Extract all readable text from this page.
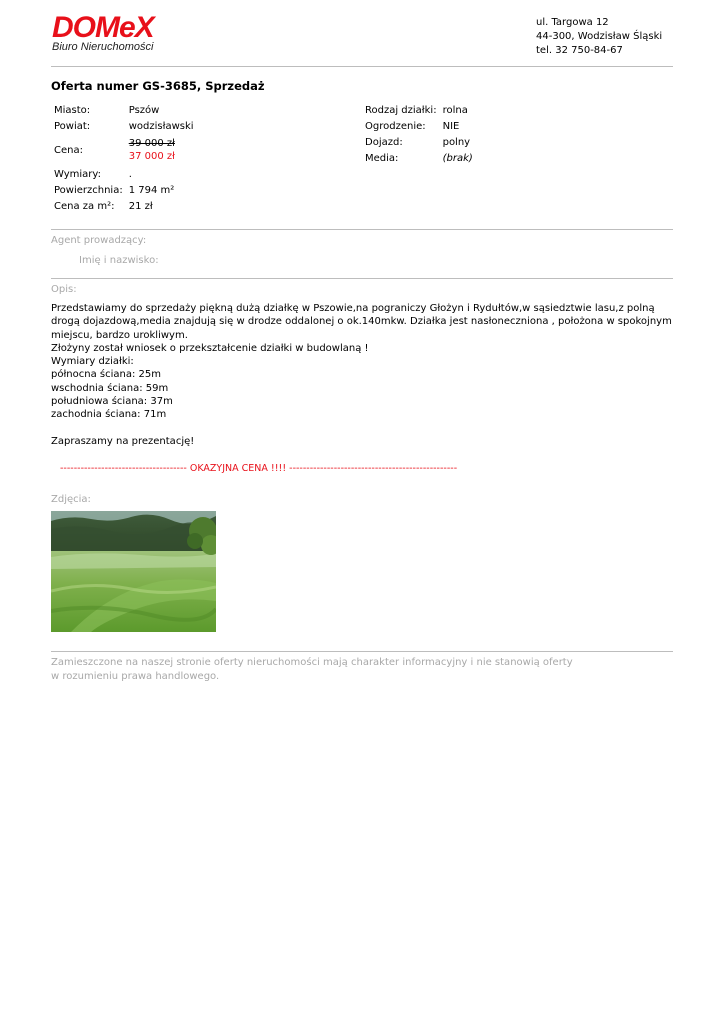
DOMeX
Biuro Nieruchomości
ul. Targowa 12
44-300, Wodzisław Śląski
tel. 32 750-84-67
Oferta numer GS-3685, Sprzedaż
Miasto:	Pszów
Powiat:	wodzisławski
Cena:	39 000 zł
37 000 zł

Wymiary:	.
Powierzchnia:	1 794 m²
Cena za m²:	21 zł
Rodzaj działki:	rolna
Ogrodzenie:	NIE
Dojazd:	polny
Media:	(brak)
Agent prowadzący:
Imię i nazwisko:
Opis:

Przedstawiamy do sprzedaży piękną dużą działkę w Pszowie,na pograniczy Głożyn i Rydułtów,w sąsiedztwie lasu,z polną drogą dojazdową,media znajdują się w drodze oddalonej o ok.140mkw. Działka jest nasłoneczniona , położona w spokojnym miejscu, bardzo urokliwym.

Złożyny został wniosek o przekształcenie działki w budowlaną !

Wymiary działki:

północna ściana: 25m

wschodnia ściana: 59m

południowa ściana: 37m

zachodnia ściana: 71m

Zapraszamy na prezentację!

------------------------------------- OKAZYJNA CENA !!!! -------------------------------------------------
Zdjęcia:
Zamieszczone na naszej stronie oferty nieruchomości mają charakter informacyjny i nie stanowią oferty
w rozumieniu prawa handlowego.
